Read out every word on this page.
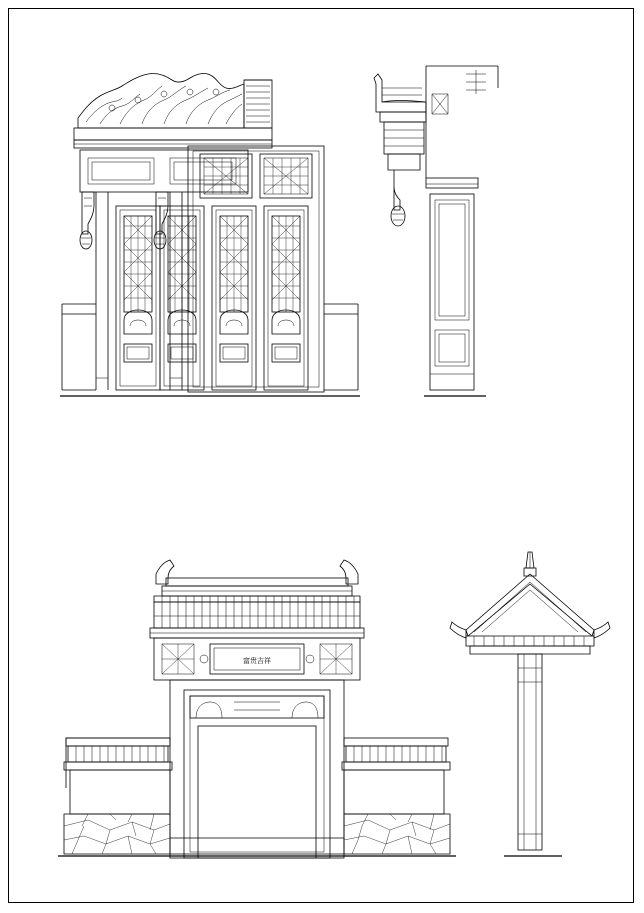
富贵吉祥
